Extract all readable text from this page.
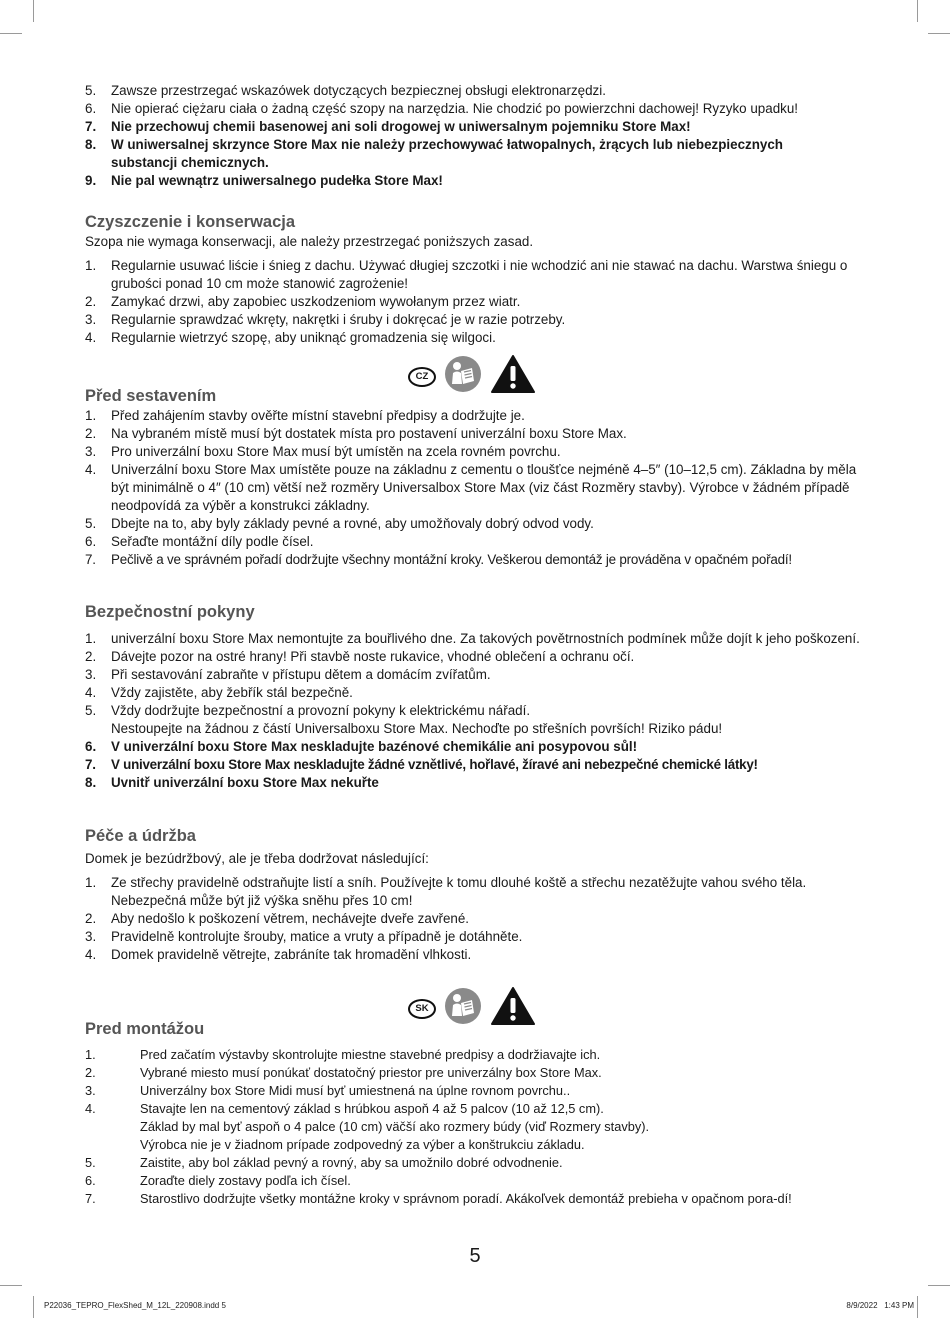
5.	Zawsze przestrzegać wskazówek dotyczących bezpiecznej obsługi elektronarzędzi.
6.	Nie opierać ciężaru ciała o żadną część szopy na narzędzia. Nie chodzić po powierzchni dachowej! Ryzyko upadku!
7.	Nie przechowuj chemii basenowej ani soli drogowej w uniwersalnym pojemniku Store Max!
8.	W uniwersalnej skrzynce Store Max nie należy przechowywać łatwopalnych, żrących lub niebezpiecznych substancji chemicznych.
9.	Nie pal wewnątrz uniwersalnego pudełka Store Max!
Czyszczenie i konserwacja
Szopa nie wymaga konserwacji, ale należy przestrzegać poniższych zasad.
1.	Regularnie usuwać liście i śnieg z dachu. Używać długiej szczotki i nie wchodzić ani nie stawać na dachu. Warstwa śniegu o grubości ponad 10 cm może stanowić zagrożenie!
2.	Zamykać drzwi, aby zapobiec uszkodzeniom wywołanym przez wiatr.
3.	Regularnie sprawdzać wkręty, nakrętki i śruby i dokręcać je w razie potrzeby.
4.	Regularnie wietrzyć szopę, aby uniknąć gromadzenia się wilgoci.
CZ
Před sestavením
1.	Před zahájením stavby ověřte místní stavební předpisy a dodržujte je.
2.	Na vybraném místě musí být dostatek místa pro postavení univerzální boxu Store Max.
3.	Pro univerzální boxu Store Max musí být umístěn na zcela rovném povrchu.
4.	Univerzální boxu Store Max umístěte pouze na základnu z cementu o tloušťce nejméně 4–5″ (10–12,5 cm). Základna by měla být minimálně o 4″ (10 cm) větší než rozměry Universalbox Store Max (viz část Rozměry stavby). Výrobce v žádném případě neodpovídá za výběr a konstrukci základny.
5.	Dbejte na to, aby byly základy pevné a rovné, aby umožňovaly dobrý odvod vody.
6.	Seřaďte montážní díly podle čísel.
7.	Pečlivě a ve správném pořadí dodržujte všechny montážní kroky. Veškerou demontáž je prováděna v opačném pořadí!
Bezpečnostní pokyny
1.	univerzální boxu Store Max nemontujte za bouřlivého dne. Za takových povětrnostních podmínek může dojít k jeho poškození.
2.	Dávejte pozor na ostré hrany! Při stavbě noste rukavice, vhodné oblečení a ochranu očí.
3.	Při sestavování zabraňte v přístupu dětem a domácím zvířatům.
4.	Vždy zajistěte, aby žebřík stál bezpečně.
5.	Vždy dodržujte bezpečnostní a provozní pokyny k elektrickému nářadí.
Nestoupejte na žádnou z částí Universalboxu Store Max. Nechoďte po střešních površích! Riziko pádu!
6.	V univerzální boxu Store Max neskladujte bazénové chemikálie ani posypovou sůl!
7.	V univerzální boxu Store Max neskladujte žádné vznětlivé, hořlavé, žíravé ani nebezpečné chemické látky!
8.	Uvnitř univerzální boxu Store Max nekuřte
Péče a údržba
Domek je bezúdržbový, ale je třeba dodržovat následující:
1.	Ze střechy pravidelně odstraňujte listí a sníh. Používejte k tomu dlouhé koště a střechu nezatěžujte vahou svého těla. Nebezpečná může být již výška sněhu přes 10 cm!
2.	Aby nedošlo k poškození větrem, nechávejte dveře zavřené.
3.	Pravidelně kontrolujte šrouby, matice a vruty a případně je dotáhněte.
4.	Domek pravidelně větrejte, zabráníte tak hromadění vlhkosti.
SK
Pred montážou
1.	Pred začatím výstavby skontrolujte miestne stavebné predpisy a dodržiavajte ich.
2.	Vybrané miesto musí ponúkať dostatočný priestor pre univerzálny box Store Max.
3.	Univerzálny box Store Midi musí byť umiestnená na úplne rovnom povrchu..
4.	Stavajte len na cementový základ s hrúbkou aspoň 4 až 5 palcov (10 až 12,5 cm).
Základ by mal byť aspoň o 4 palce (10 cm) väčší ako rozmery búdy (viď Rozmery stavby).
Výrobca nie je v žiadnom prípade zodpovedný za výber a konštrukciu základu.
5.	Zaistite, aby bol základ pevný a rovný, aby sa umožnilo dobré odvodnenie.
6.	Zoraďte diely zostavy podľa ich čísel.
7.	Starostlivo dodržujte všetky montážne kroky v správnom poradí. Akákoľvek demontáž prebieha v opačnom pora-dí!
5
P22036_TEPRO_FlexShed_M_12L_220908.indd 5	8/9/2022   1:43 PM
